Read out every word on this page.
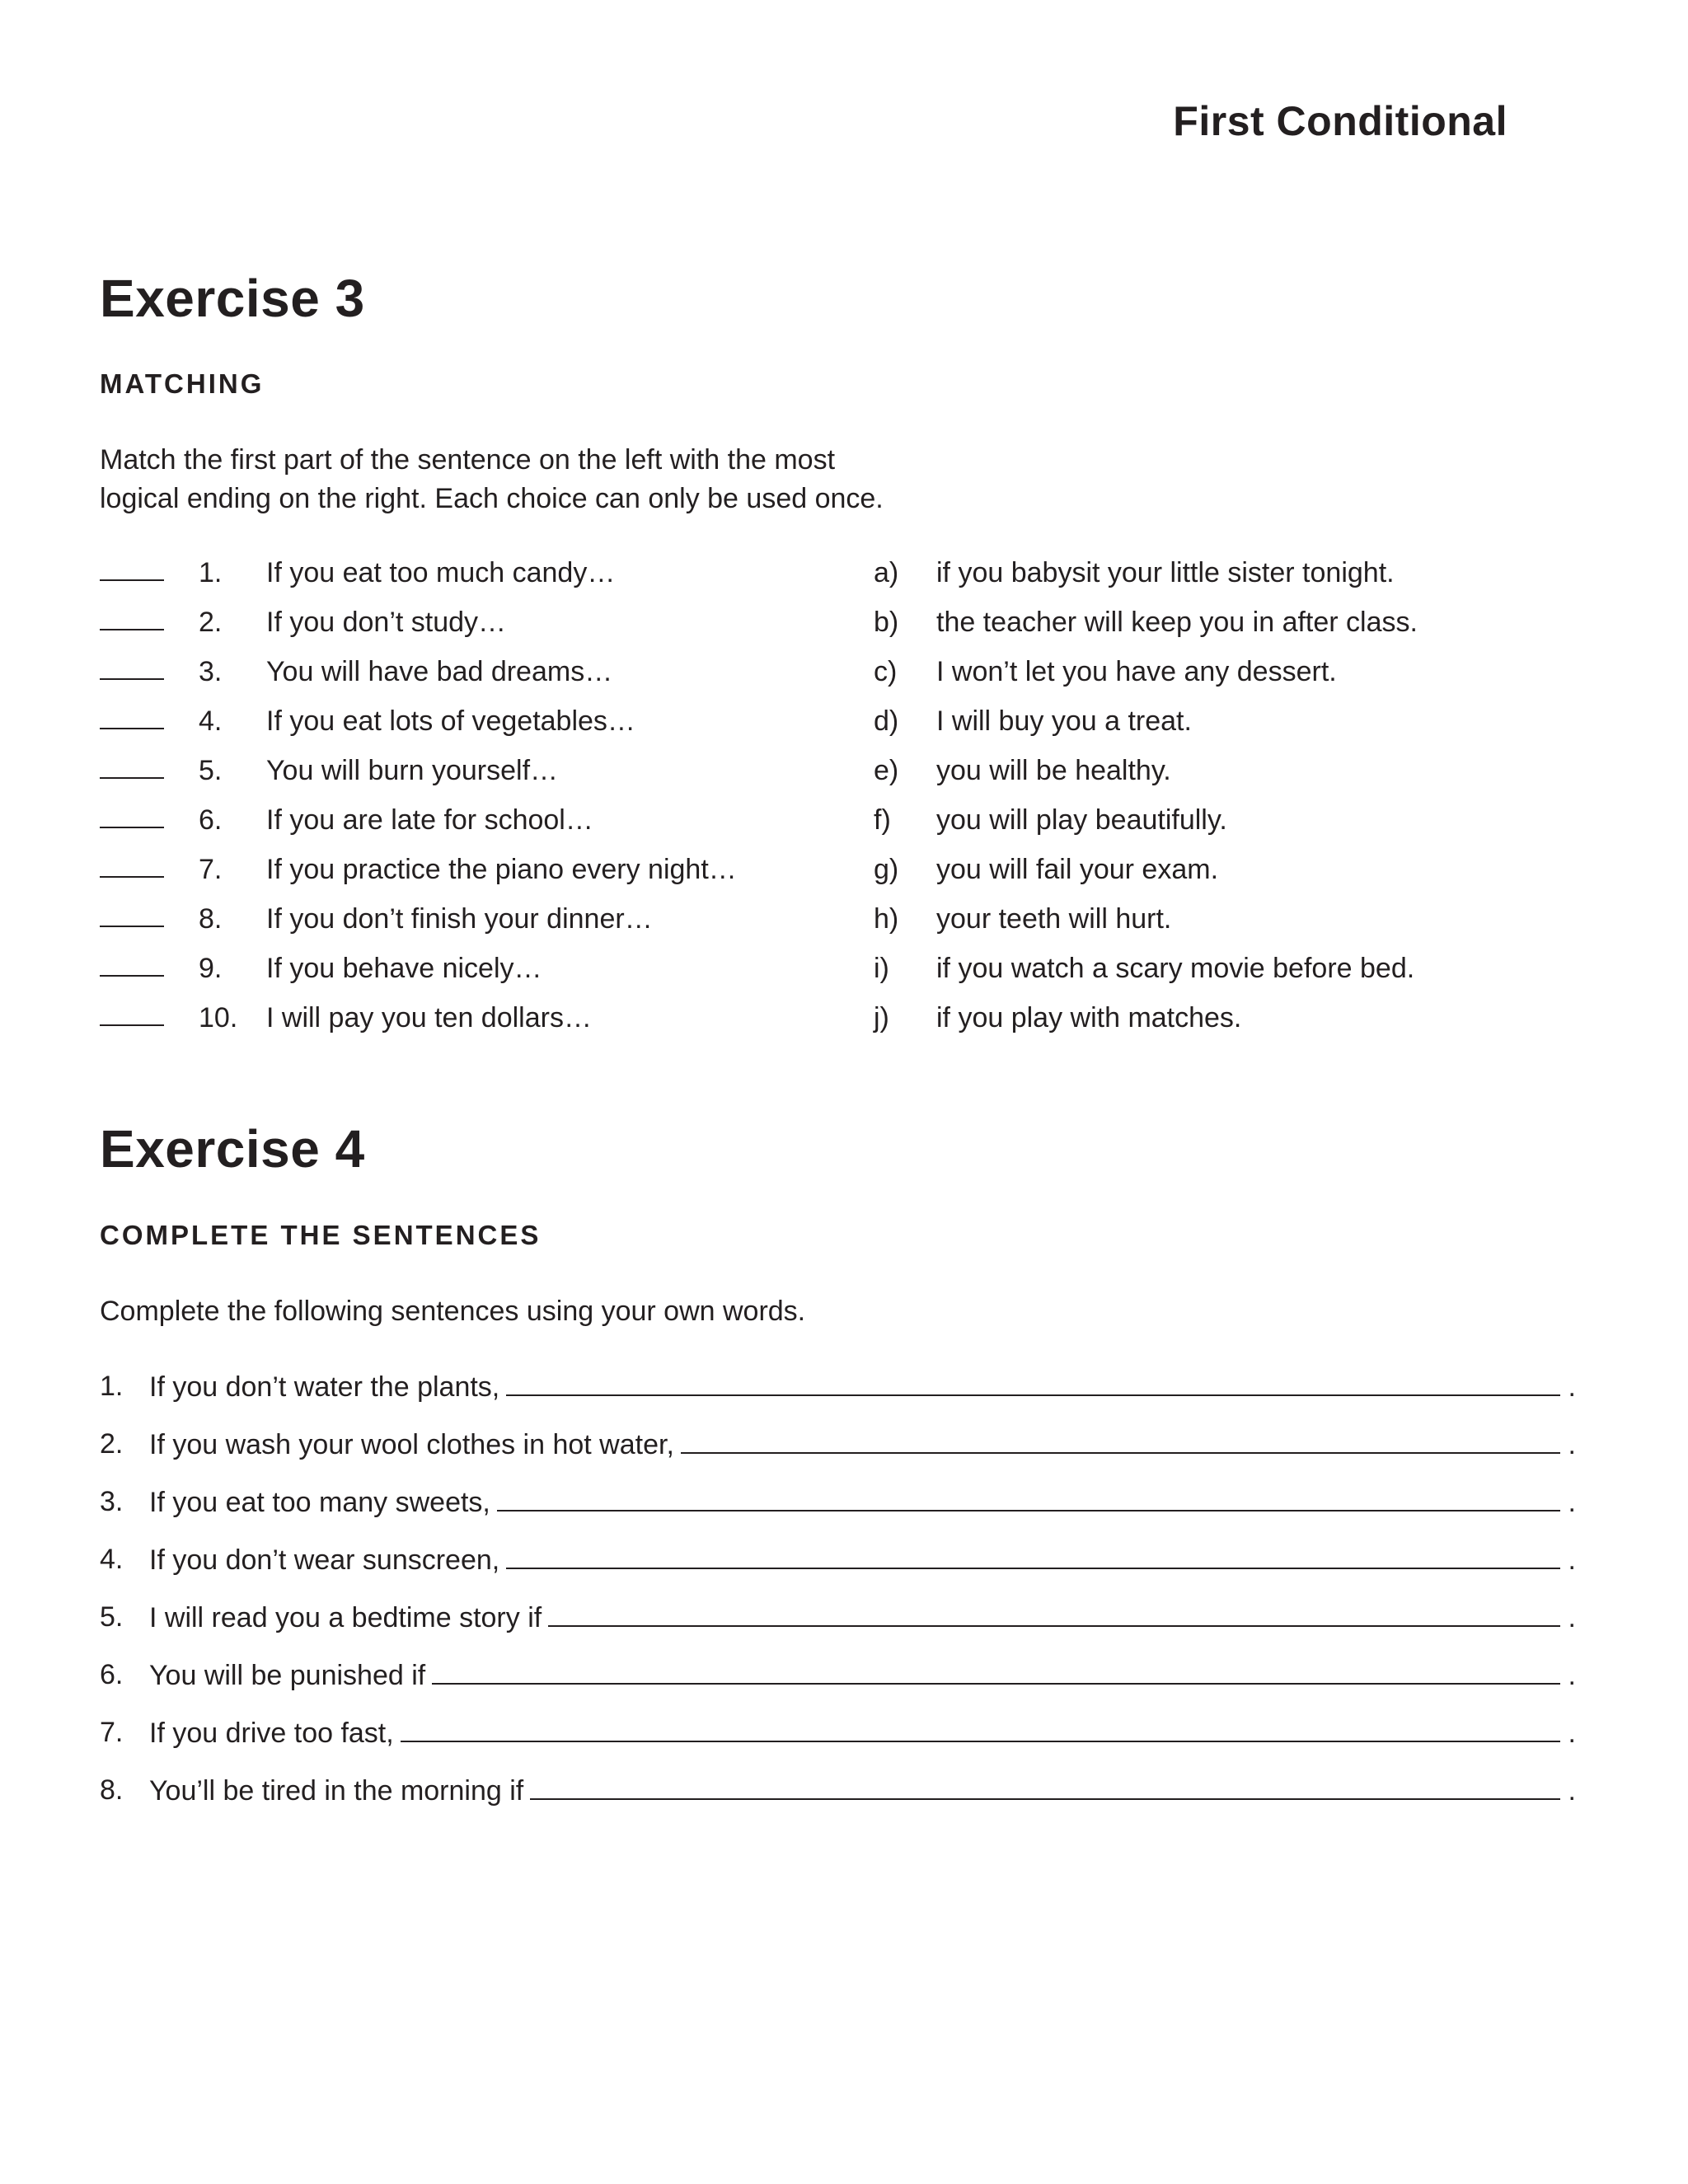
First Conditional
Exercise 3
MATCHING
Match the first part of the sentence on the left with the most
logical ending on the right. Each choice can only be used once.
1. If you eat too much candy…	a) if you babysit your little sister tonight.
2. If you don’t study…	b) the teacher will keep you in after class.
3. You will have bad dreams…	c) I won’t let you have any dessert.
4. If you eat lots of vegetables…	d) I will buy you a treat.
5. You will burn yourself…	e) you will be healthy.
6. If you are late for school…	f) you will play beautifully.
7. If you practice the piano every night…	g) you will fail your exam.
8. If you don’t finish your dinner…	h) your teeth will hurt.
9. If you behave nicely…	i) if you watch a scary movie before bed.
10. I will pay you ten dollars…	j) if you play with matches.
Exercise 4
COMPLETE THE SENTENCES
Complete the following sentences using your own words.
1. If you don’t water the plants,	.
2. If you wash your wool clothes in hot water,	.
3. If you eat too many sweets,	.
4. If you don’t wear sunscreen,	.
5. I will read you a bedtime story if	.
6. You will be punished if	.
7. If you drive too fast,	.
8. You’ll be tired in the morning if	.
